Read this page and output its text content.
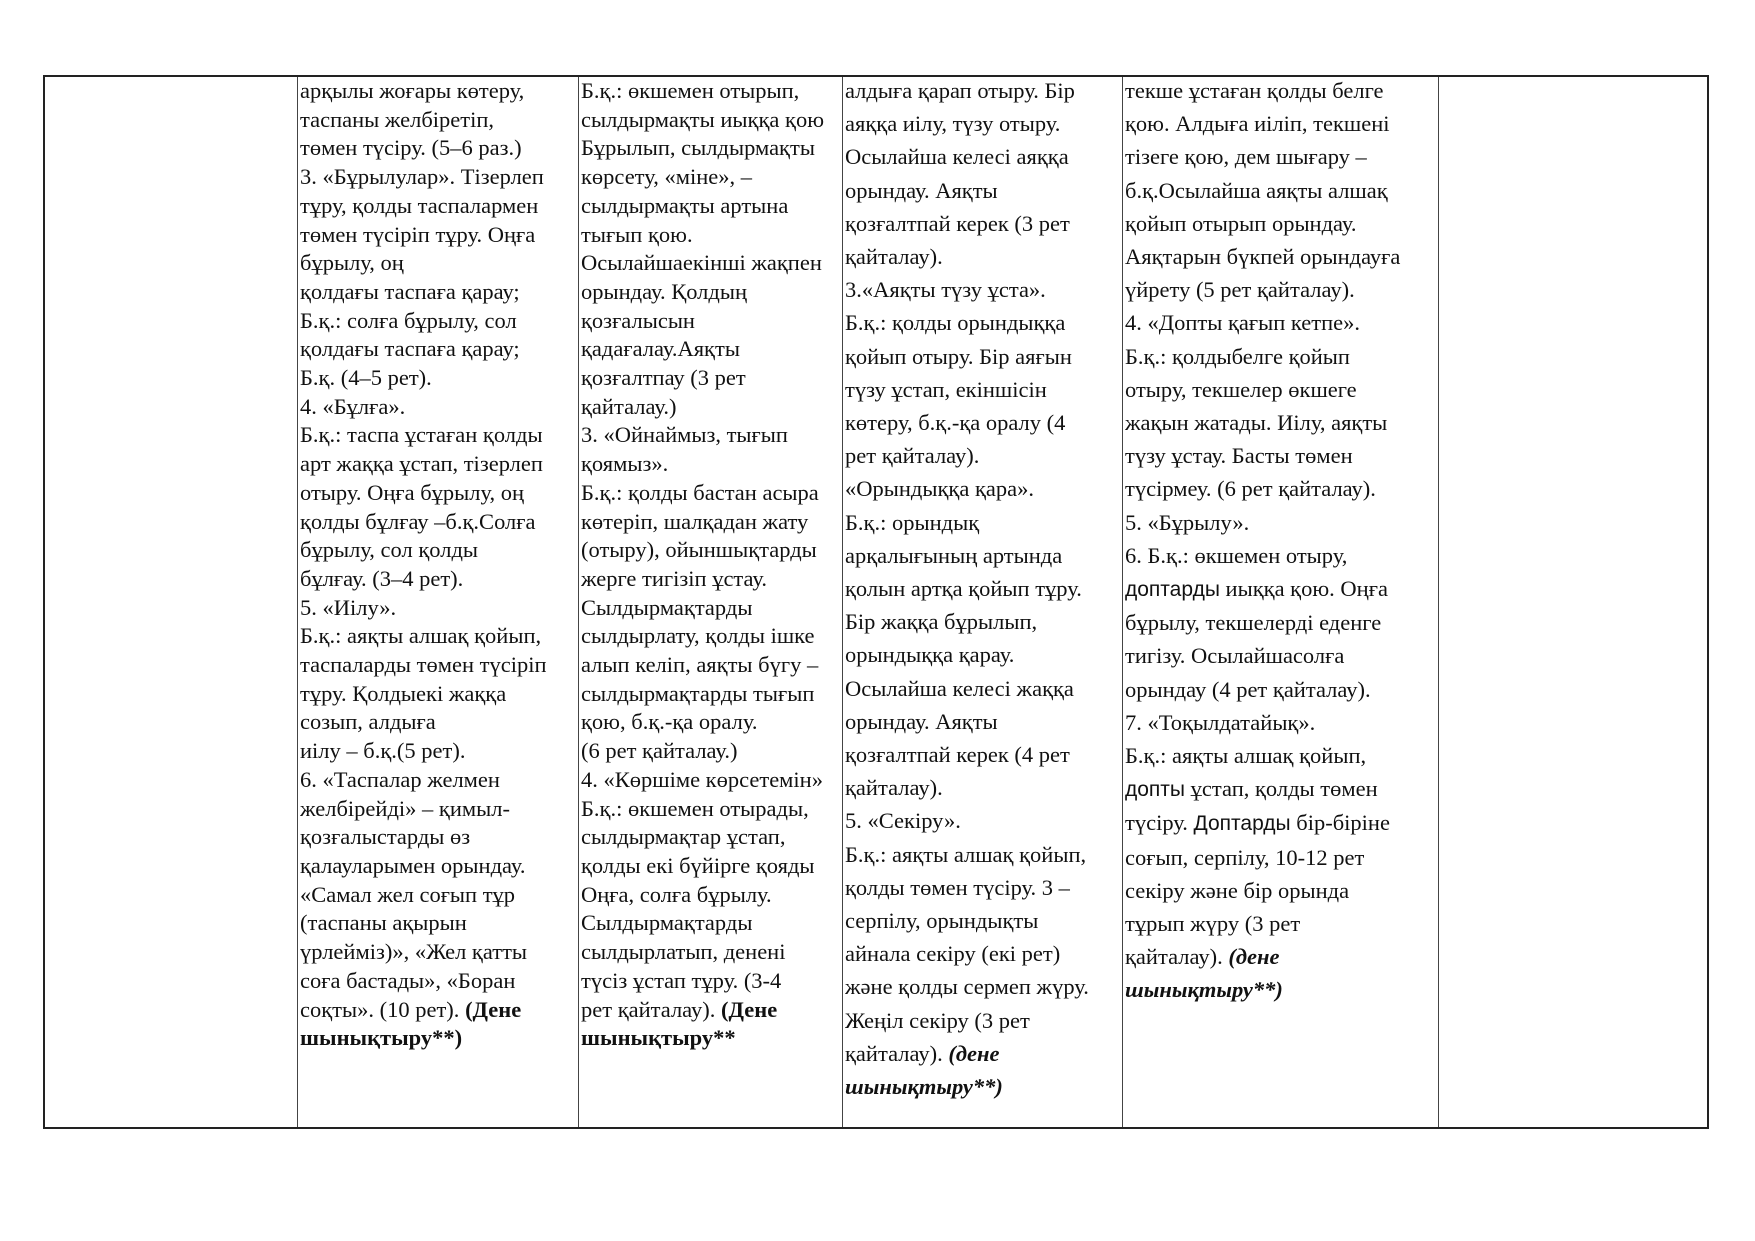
арқылы жоғары көтеру,
таспаны желбіретіп,
төмен түсіру. (5–6 раз.)
3. «Бұрылулар». Тізерлеп
тұру, қолды таспалармен
төмен түсіріп тұру. Оңға
бұрылу, оң
қолдағы таспаға қарау;
Б.қ.: солға бұрылу, сол
қолдағы таспаға қарау;
Б.қ. (4–5 рет).
4. «Бұлға».
Б.қ.: таспа ұстаған қолды
арт жаққа ұстап, тізерлеп
отыру. Оңға бұрылу, оң
қолды бұлғау –б.қ.Солға
бұрылу, сол қолды
бұлғау. (3–4 рет).
5. «Иілу».
Б.қ.: аяқты алшақ қойып,
таспаларды төмен түсіріп
тұру. Қолдыекі жаққа
созып, алдыға
иілу – б.қ.(5 рет).
6. «Таспалар желмен
желбірейді» – қимыл-
қозғалыстарды өз
қалауларымен орындау.
«Самал жел соғып тұр
(таспаны ақырын
үрлейміз)», «Жел қатты
соға бастады», «Боран
соқты». (10 рет). (Дене
шынықтыру**)
Б.қ.: өкшемен отырып,
сылдырмақты иыққа қою
Бұрылып, сылдырмақты
көрсету, «міне», –
сылдырмақты артына
тығып қою.
Осылайшаекінші жақпен
орындау. Қолдың
қозғалысын
қадағалау.Аяқты
қозғалтпау (3 рет
қайталау.)
3. «Ойнаймыз, тығып
қоямыз».
Б.қ.: қолды бастан асыра
көтеріп, шалқадан жату
(отыру), ойыншықтарды
жерге тигізіп ұстау.
Сылдырмақтарды
сылдырлату, қолды ішке
алып келіп, аяқты бүгу –
сылдырмақтарды тығып
қою, б.қ.-қа оралу.
(6 рет қайталау.)
4. «Көршіме көрсетемін»
Б.қ.: өкшемен отырады,
сылдырмақтар ұстап,
қолды екі бүйірге қояды
Оңға, солға бұрылу.
Сылдырмақтарды
сылдырлатып, денені
түсіз ұстап тұру. (3-4
рет қайталау). (Дене
шынықтыру**
алдыға қарап отыру. Бір
аяққа иілу, түзу отыру.
Осылайша келесі аяққа
орындау. Аяқты
қозғалтпай керек (3 рет
қайталау).
3.«Аяқты түзу ұста».
Б.қ.: қолды орындыққа
қойып отыру. Бір аяғын
түзу ұстап, екіншісін
көтеру, б.қ.-қа оралу (4
рет қайталау).
«Орындыққа қара».
Б.қ.: орындық
арқалығының артында
қолын артқа қойып тұру.
Бір жаққа бұрылып,
орындыққа қарау.
Осылайша келесі жаққа
орындау. Аяқты
қозғалтпай керек (4 рет
қайталау).
5. «Секіру».
Б.қ.: аяқты алшақ қойып,
қолды төмен түсіру. 3 –
серпілу, орындықты
айнала секіру (екі рет)
және қолды сермеп жүру.
Жеңіл секіру (3 рет
қайталау). (дене
шынықтыру**)
текше ұстаған қолды белге
қою. Алдыға иіліп, текшені
тізеге қою, дем шығару –
б.қ.Осылайша аяқты алшақ
қойып отырып орындау.
Аяқтарын бүкпей орындауға
үйрету (5 рет қайталау).
4. «Допты қағып кетпе».
Б.қ.: қолдыбелге қойып
отыру, текшелер өкшеге
жақын жатады. Иілу, аяқты
түзу ұстау. Басты төмен
түсірмеу. (6 рет қайталау).
5. «Бұрылу».
6. Б.қ.: өкшемен отыру,
доптарды иыққа қою. Оңға
бұрылу, текшелерді еденге
тигізу. Осылайшасолға
орындау (4 рет қайталау).
7. «Тоқылдатайық».
Б.қ.: аяқты алшақ қойып,
допты ұстап, қолды төмен
түсіру. Доптарды бір-біріне
соғып, серпілу, 10-12 рет
секіру және бір орында
тұрып жүру (3 рет
қайталау). (дене
шынықтыру**)
